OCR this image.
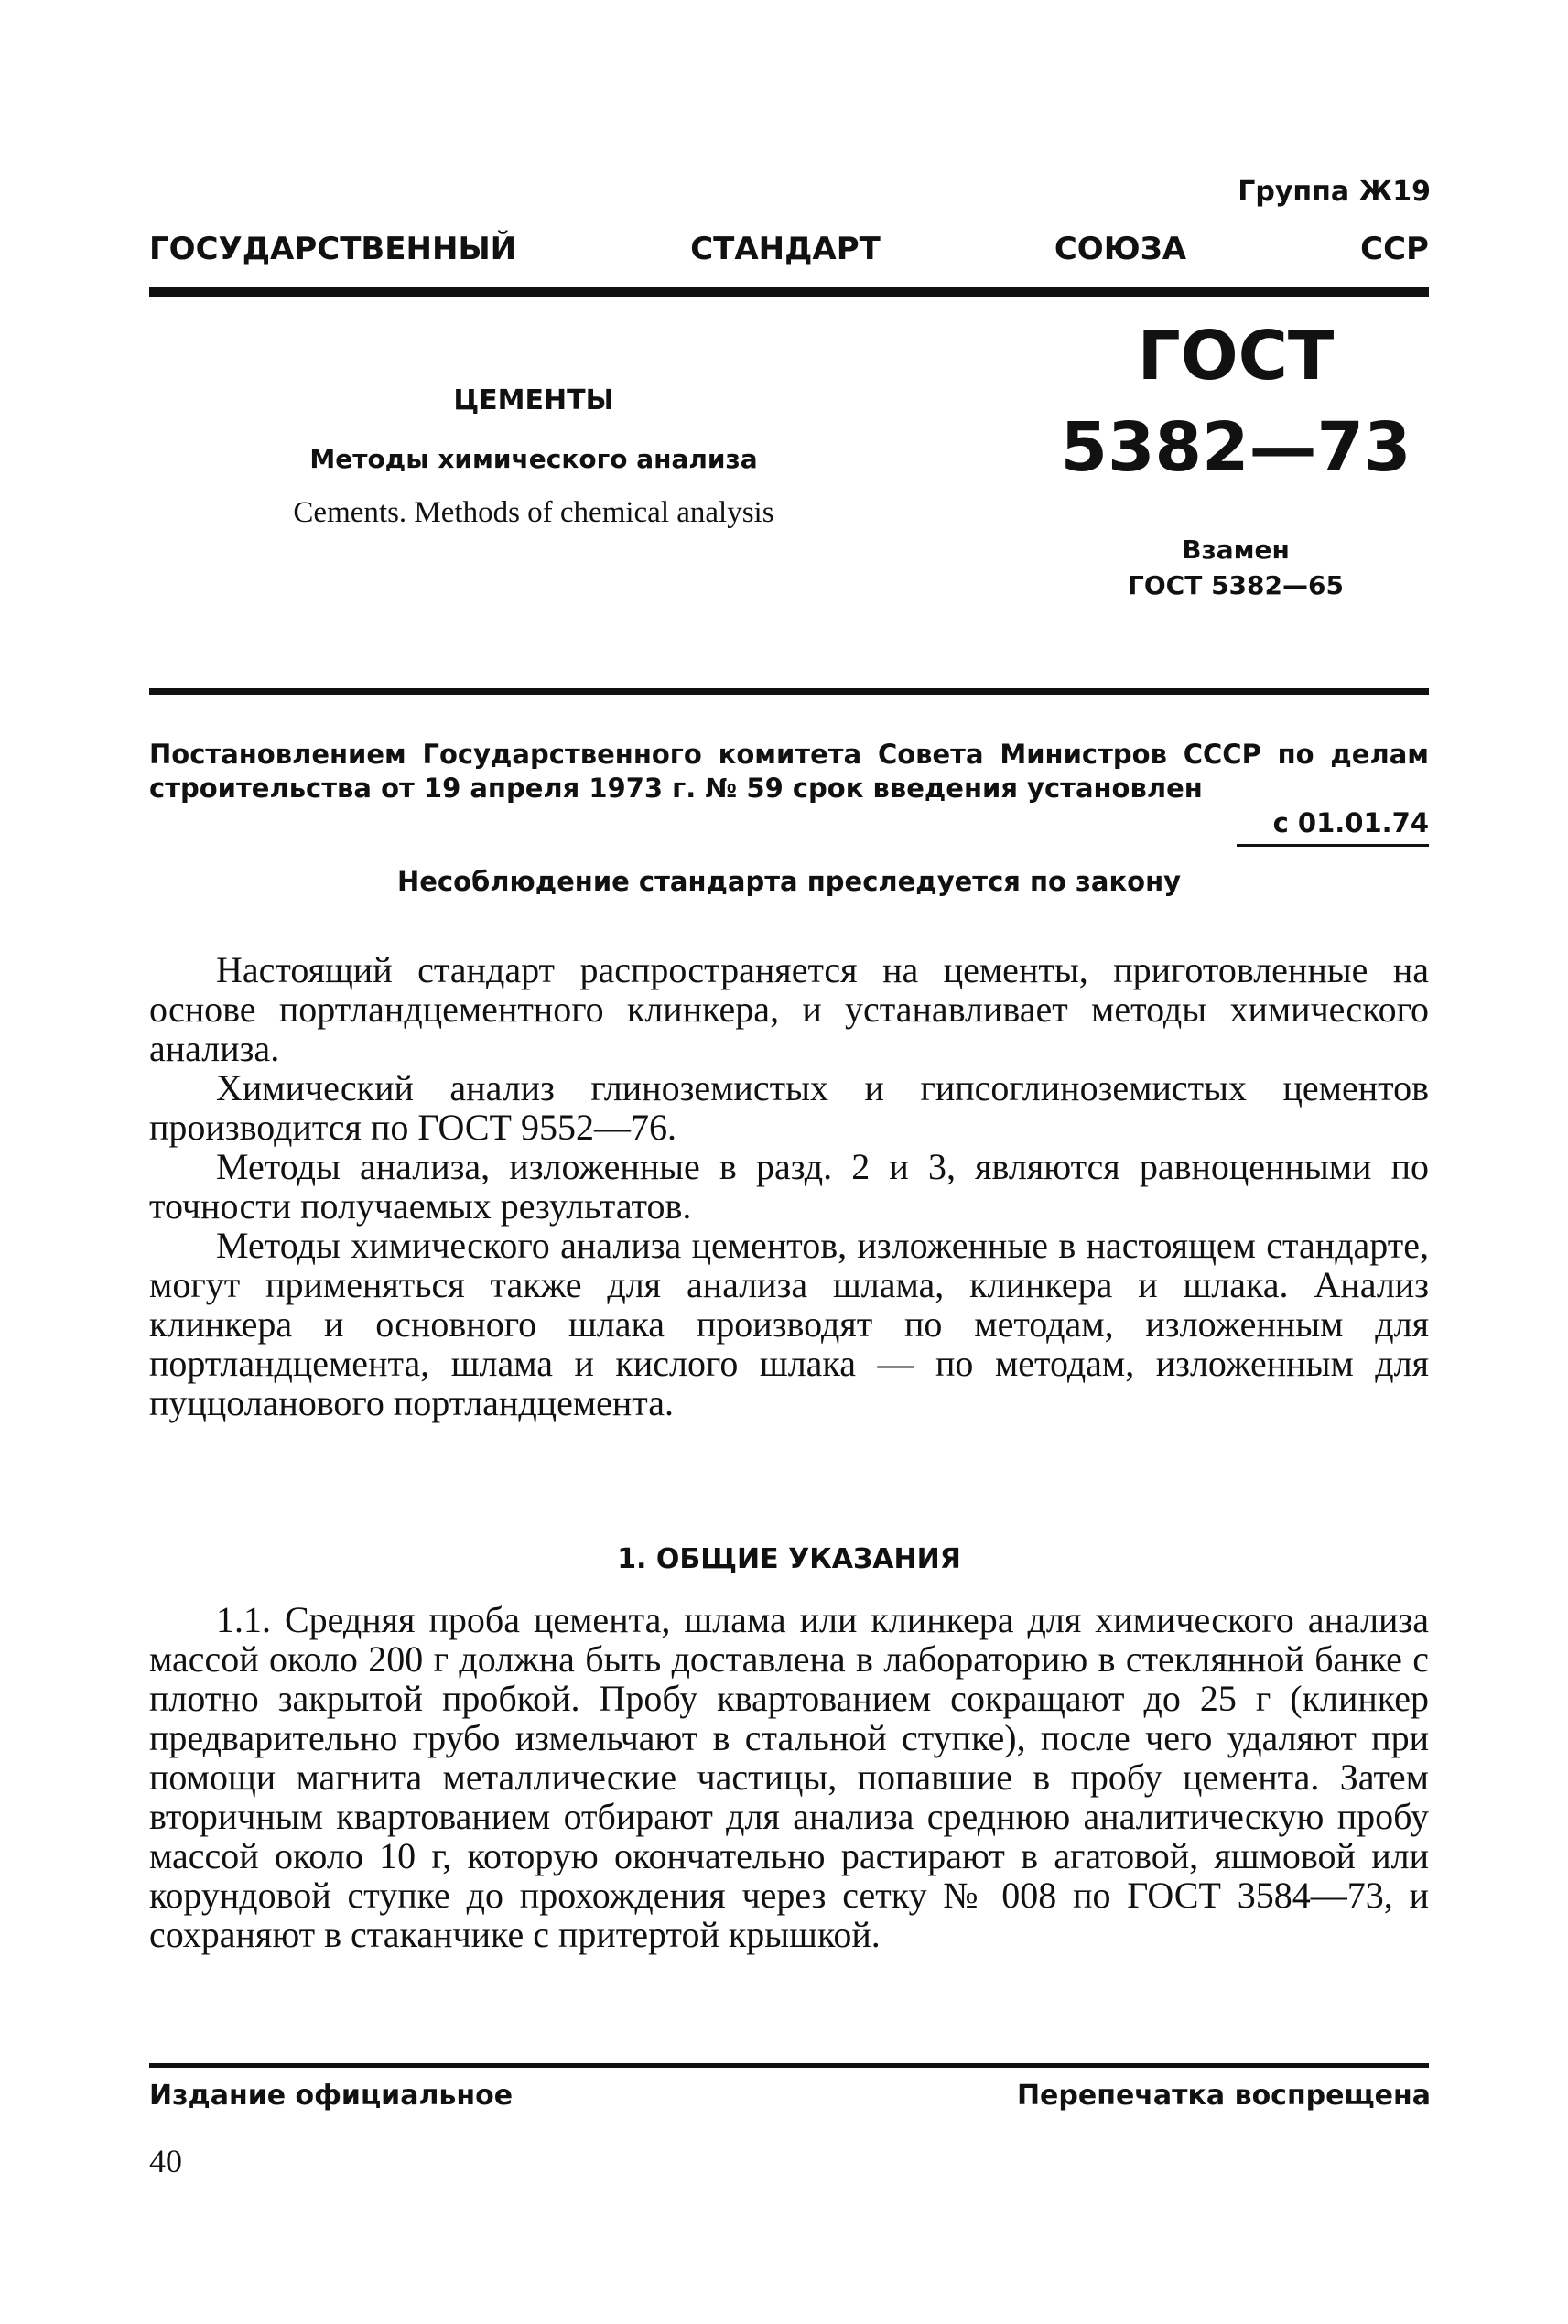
Группа Ж19
ГОСУДАРСТВЕННЫЙ	СТАНДАРТ	СОЮЗА	ССР
ЦЕМЕНТЫ
Методы химического анализа
Cements. Methods of chemical analysis
ГОСТ
5382—73
Взамен
ГОСТ 5382—65
Постановлением Государственного комитета Совета Министров СССР по делам строительства от 19 апреля 1973 г. № 59 срок введения установлен
с 01.01.74
Несоблюдение стандарта преследуется по закону

Настоящий стандарт распространяется на цементы, приготовленные на основе портландцементного клинкера, и устанавливает методы химического анализа.

Химический анализ глиноземистых и гипсоглиноземистых цементов производится по ГОСТ 9552—76.

Методы анализа, изложенные в разд. 2 и 3, являются равноценными по точности получаемых результатов.

Методы химического анализа цементов, изложенные в настоящем стандарте, могут применяться также для анализа шлама, клинкера и шлака. Анализ клинкера и основного шлака производят по методам, изложенным для портландцемента, шлама и кислого шлака — по методам, изложенным для пуццоланового портландцемента.

1. ОБЩИЕ УКАЗАНИЯ

1.1. Средняя проба цемента, шлама или клинкера для химического анализа массой около 200 г должна быть доставлена в лабораторию в стеклянной банке с плотно закрытой пробкой. Пробу квартованием сокращают до 25 г (клинкер предварительно грубо измельчают в стальной ступке), после чего удаляют при помощи магнита металлические частицы, попавшие в пробу цемента. Затем вторичным квартованием отбирают для анализа среднюю аналитическую пробу массой около 10 г, которую окончательно растирают в агатовой, яшмовой или корундовой ступке до прохождения через сетку № 008 по ГОСТ 3584—73, и сохраняют в стаканчике с притертой крышкой.

Издание официальное	Перепечатка воспрещена
40
